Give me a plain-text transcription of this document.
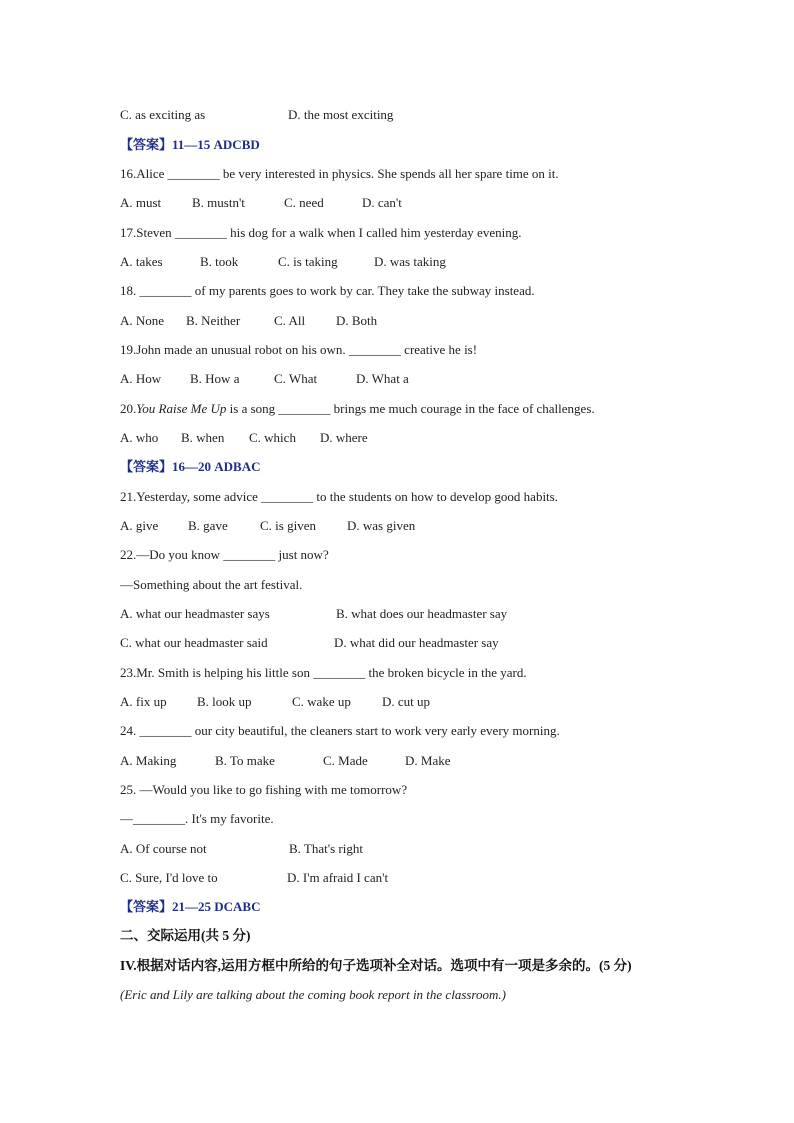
C. as exciting as	D. the most exciting
【答案】11—15 ADCBD
16.Alice ________ be very interested in physics. She spends all her spare time on it.
A. must B. mustn't	C. need	D. can't
17.Steven ________ his dog for a walk when I called him yesterday evening.
A. takes	B. took	C. is taking	D. was taking
18. ________ of my parents goes to work by car. They take the subway instead.
A. None B. Neither	C. All D. Both
19.John made an unusual robot on his own. ________ creative he is!
A. How B. How a	C. What	D. What a
20.You Raise Me Up is a song ________ brings me much courage in the face of challenges.
A. who B. when C. which D. where
【答案】16—20 ADBAC
21.Yesterday, some advice ________ to the students on how to develop good habits.
A. give B. gave C. is given D. was given
22.—Do you know ________ just now?
—Something about the art festival.
A. what our headmaster says	B. what does our headmaster say
C. what our headmaster said	D. what did our headmaster say
23.Mr. Smith is helping his little son ________ the broken bicycle in the yard.
A. fix up B. look up	C. wake up D. cut up
24. ________ our city beautiful, the cleaners start to work very early every morning.
A. Making	B. To make	C. Made	D. Make
25. —Would you like to go fishing with me tomorrow?
—________. It's my favorite.
A. Of course not	B. That's right
C. Sure, I'd love to	D. I'm afraid I can't
【答案】21—25 DCABC
二、交际运用(共 5 分)
IV.根据对话内容,运用方框中所给的句子选项补全对话。选项中有一项是多余的。(5 分)
(Eric and Lily are talking about the coming book report in the classroom.)
